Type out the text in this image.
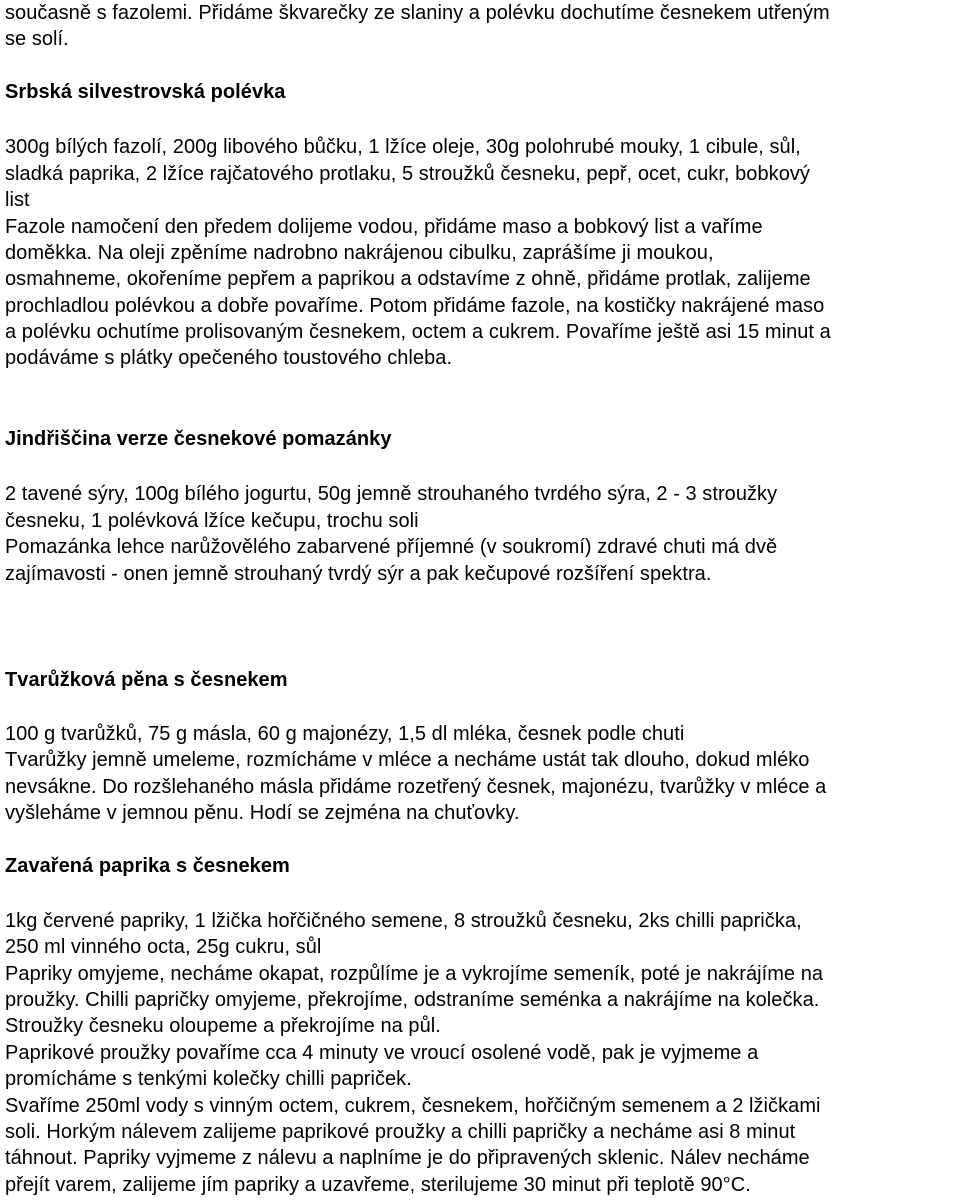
současně s fazolemi. Přidáme škvarečky ze slaniny a polévku dochutíme česnekem utřeným
se solí.
Srbská silvestrovská polévka
300g bílých fazolí, 200g libového bůčku, 1 lžíce oleje, 30g polohrubé mouky, 1 cibule, sůl,
sladká paprika, 2 lžíce rajčatového protlaku, 5 stroužků česneku, pepř, ocet, cukr, bobkový
list
Fazole namočení den předem dolijeme vodou, přidáme maso a bobkový list a vaříme
doměkka. Na oleji zpěníme nadrobno nakrájenou cibulku, zaprášíme ji moukou,
osmahneme, okořeníme pepřem a paprikou a odstavíme z ohně, přidáme protlak, zalijeme
prochladlou polévkou a dobře povaříme. Potom přidáme fazole, na kostičky nakrájené maso
a polévku ochutíme prolisovaným česnekem, octem a cukrem. Povaříme ještě asi 15 minut a
podáváme s plátky opečeného toustového chleba.
Jindřiščina verze česnekové pomazánky
2 tavené sýry, 100g bílého jogurtu, 50g jemně strouhaného tvrdého sýra, 2 - 3 stroužky
česneku, 1 polévková lžíce kečupu, trochu soli
Pomazánka lehce narůžovělého zabarvené příjemné (v soukromí) zdravé chuti má dvě
zajímavosti - onen jemně strouhaný tvrdý sýr a pak kečupové rozšíření spektra.
Tvarůžková pěna s česnekem
100 g tvarůžků, 75 g másla, 60 g majonézy, 1,5 dl mléka, česnek podle chuti
Tvarůžky jemně umeleme, rozmícháme v mléce a necháme ustát tak dlouho, dokud mléko
nevsákne. Do rozšlehaného másla přidáme rozetřený česnek, majonézu, tvarůžky v mléce a
vyšleháme v jemnou pěnu. Hodí se zejména na chuťovky.
Zavařená paprika s česnekem
1kg červené papriky, 1 lžička hořčičného semene, 8 stroužků česneku, 2ks chilli paprička,
250 ml vinného octa, 25g cukru, sůl
Papriky omyjeme, necháme okapat, rozpůlíme je a vykrojíme semeník, poté je nakrájíme na
proužky. Chilli papričky omyjeme, překrojíme, odstraníme seménka a nakrájíme na kolečka.
Stroužky česneku oloupeme a překrojíme na půl.
Paprikové proužky povaříme cca 4 minuty ve vroucí osolené vodě, pak je vyjmeme a
promícháme s tenkými kolečky chilli papriček.
Svaříme 250ml vody s vinným octem, cukrem, česnekem, hořčičným semenem a 2 lžičkami
soli. Horkým nálevem zalijeme paprikové proužky a chilli papričky a necháme asi 8 minut
táhnout. Papriky vyjmeme z nálevu a naplníme je do připravených sklenic. Nálev necháme
přejít varem, zalijeme jím papriky a uzavřeme, sterilujeme 30 minut při teplotě 90°C.
